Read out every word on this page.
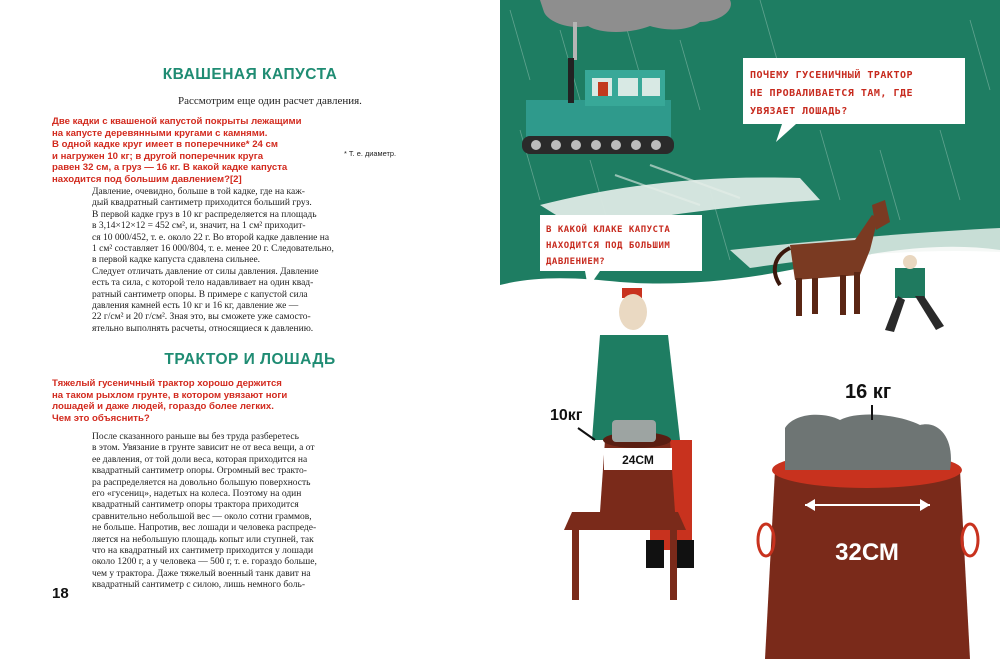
КВАШЕНАЯ КАПУСТА

Рассмотрим еще один расчет давления.

Две кадки с квашеной капустой покрыты лежащими
на капусте деревянными кругами с камнями.
В одной кадке круг имеет в поперечнике* 24 см
и нагружен 10 кг; в другой поперечник круга
равен 32 см, а груз — 16 кг. В какой кадке капуста
находится под большим давлением?[2]

* Т. е. диаметр.

Давление, очевидно, больше в той кадке, где на каж-
дый квадратный сантиметр приходится больший груз.
В первой кадке груз в 10 кг распределяется на площадь
в 3,14×12×12 = 452 см², и, значит, на 1 см² приходит-
ся 10 000/452, т. е. около 22 г. Во второй кадке давление на
1 см² составляет 16 000/804, т. е. менее 20 г. Следовательно,
в первой кадке капуста сдавлена сильнее.
Следует отличать давление от силы давления. Давление
есть та сила, с которой тело надавливает на один квад-
ратный сантиметр опоры. В примере с капустой сила
давления камней есть 10 кг и 16 кг, давление же —
22 г/см² и 20 г/см². Зная это, вы сможете уже самосто-
ятельно выполнять расчеты, относящиеся к давлению.

ТРАКТОР И ЛОШАДЬ

Тяжелый гусеничный трактор хорошо держится
на таком рыхлом грунте, в котором увязают ноги
лошадей и даже людей, гораздо более легких.
Чем это объяснить?

После сказанного раньше вы без труда разберетесь
в этом. Увязание в грунте зависит не от веса вещи, а от
ее давления, от той доли веса, которая приходится на
квадратный сантиметр опоры. Огромный вес тракто-
ра распределяется на довольно большую поверхность
его «гусениц», надетых на колеса. Поэтому на один
квадратный сантиметр опоры трактора приходится
сравнительно небольшой вес — около сотни граммов,
не больше. Напротив, вес лошади и человека распреде-
ляется на небольшую площадь копыт или ступней, так
что на квадратный их сантиметр приходится у лошади
около 1200 г, а у человека — 500 г, т. е. гораздо больше,
чем у трактора. Даже тяжелый военный танк давит на
квадратный сантиметр с силою, лишь немного боль-

18
ПОЧЕМУ ГУСЕНИЧНЫЙ ТРАКТОР
НЕ ПРОВАЛИВАЕТСЯ ТАМ, ГДЕ
УВЯЗАЕТ ЛОШАДЬ?
В КАКОЙ КЛАКЕ КАПУСТА
НАХОДИТСЯ ПОД БОЛЬШИМ
ДАВЛЕНИЕМ?
24СМ
10кг
32СМ
16 кг
